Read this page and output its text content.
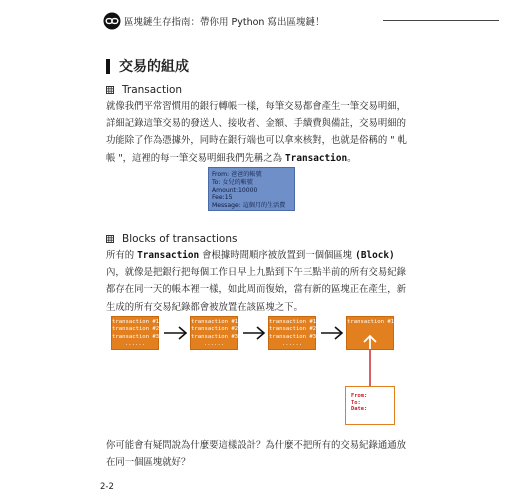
區塊鏈生存指南：帶你用 Python 寫出區塊鏈！
交易的組成
Transaction
就像我們平常習慣用的銀行轉帳一樣，每筆交易都會產生一筆交易明細，詳細記錄這筆交易的發送人、接收者、金額、手續費與備註，交易明細的功能除了作為憑據外，同時在銀行端也可以拿來核對，也就是俗稱的 " 軋帳 "，這裡的每一筆交易明細我們先稱之為 Transaction。
From: 爸爸的帳號
To: 女兒的帳號
Amount:10000
Fee:15
Message: 這個月的生活費
Blocks of transactions
所有的 Transaction 會根據時間順序被放置到一個個區塊 (Block) 內，就像是把銀行把每個工作日早上九點到下午三點半前的所有交易紀錄都存在同一天的帳本裡一樣，如此周而復始，當有新的區塊正在產生，新生成的所有交易紀錄都會被放置在該區塊之下。
transaction #1
transaction #2
transaction #3
......
transaction #1
transaction #2
transaction #3
......
transaction #1
transaction #2
transaction #3
......
transaction #1
From:
To:
Date:
你可能會有疑問說為什麼要這樣設計？為什麼不把所有的交易紀錄通通放在同一個區塊就好？
2-2
